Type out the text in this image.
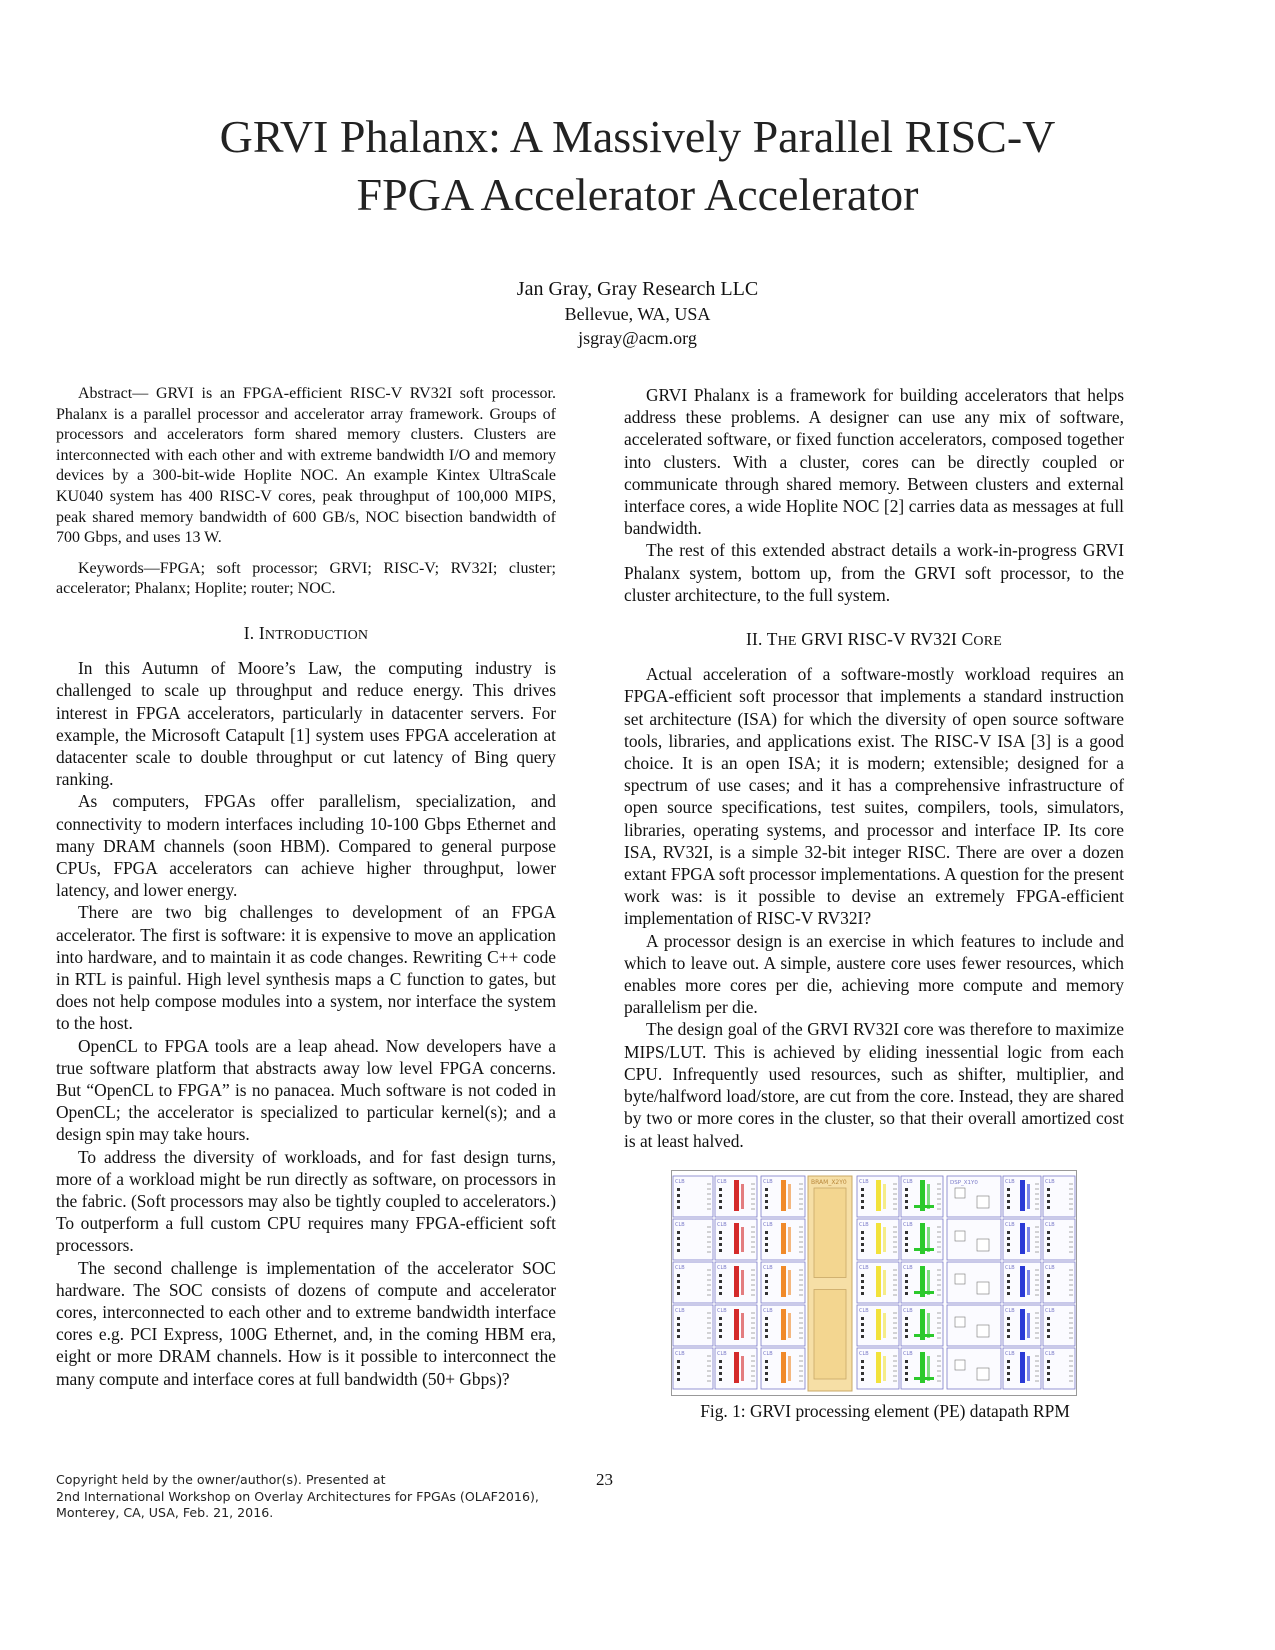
GRVI Phalanx: A Massively Parallel RISC-V
FPGA Accelerator Accelerator
Jan Gray, Gray Research LLC
Bellevue, WA, USA
jsgray@acm.org

Abstract— GRVI is an FPGA-efficient RISC-V RV32I soft processor. Phalanx is a parallel processor and accelerator array framework. Groups of processors and accelerators form shared memory clusters. Clusters are interconnected with each other and with extreme bandwidth I/O and memory devices by a 300-bit-wide Hoplite NOC. An example Kintex UltraScale KU040 system has 400 RISC-V cores, peak throughput of 100,000 MIPS, peak shared memory bandwidth of 600 GB/s, NOC bisection bandwidth of 700 Gbps, and uses 13 W.

Keywords—FPGA; soft processor; GRVI; RISC-V; RV32I; cluster; accelerator; Phalanx; Hoplite; router; NOC.

I. INTRODUCTION

In this Autumn of Moore’s Law, the computing industry is challenged to scale up throughput and reduce energy. This drives interest in FPGA accelerators, particularly in datacenter servers. For example, the Microsoft Catapult [1] system uses FPGA acceleration at datacenter scale to double throughput or cut latency of Bing query ranking.

As computers, FPGAs offer parallelism, specialization, and connectivity to modern interfaces including 10-100 Gbps Ethernet and many DRAM channels (soon HBM). Compared to general purpose CPUs, FPGA accelerators can achieve higher throughput, lower latency, and lower energy.

There are two big challenges to development of an FPGA accelerator. The first is software: it is expensive to move an application into hardware, and to maintain it as code changes. Rewriting C++ code in RTL is painful. High level synthesis maps a C function to gates, but does not help compose modules into a system, nor interface the system to the host.

OpenCL to FPGA tools are a leap ahead. Now developers have a true software platform that abstracts away low level FPGA concerns. But “OpenCL to FPGA” is no panacea. Much software is not coded in OpenCL; the accelerator is specialized to particular kernel(s); and a design spin may take hours.

To address the diversity of workloads, and for fast design turns, more of a workload might be run directly as software, on processors in the fabric. (Soft processors may also be tightly coupled to accelerators.) To outperform a full custom CPU requires many FPGA-efficient soft processors.

The second challenge is implementation of the accelerator SOC hardware. The SOC consists of dozens of compute and accelerator cores, interconnected to each other and to extreme bandwidth interface cores e.g. PCI Express, 100G Ethernet, and, in the coming HBM era, eight or more DRAM channels. How is it possible to interconnect the many compute and interface cores at full bandwidth (50+ Gbps)?

GRVI Phalanx is a framework for building accelerators that helps address these problems. A designer can use any mix of software, accelerated software, or fixed function accelerators, composed together into clusters. With a cluster, cores can be directly coupled or communicate through shared memory. Between clusters and external interface cores, a wide Hoplite NOC [2] carries data as messages at full bandwidth.

The rest of this extended abstract details a work-in-progress GRVI Phalanx system, bottom up, from the GRVI soft processor, to the cluster architecture, to the full system.

II. THE GRVI RISC-V RV32I CORE

Actual acceleration of a software-mostly workload requires an FPGA-efficient soft processor that implements a standard instruction set architecture (ISA) for which the diversity of open source software tools, libraries, and applications exist. The RISC-V ISA [3] is a good choice. It is an open ISA; it is modern; extensible; designed for a spectrum of use cases; and it has a comprehensive infrastructure of open source specifications, test suites, compilers, tools, simulators, libraries, operating systems, and processor and interface IP. Its core ISA, RV32I, is a simple 32-bit integer RISC. There are over a dozen extant FPGA soft processor implementations. A question for the present work was: is it possible to devise an extremely FPGA-efficient implementation of RISC-V RV32I?

A processor design is an exercise in which features to include and which to leave out. A simple, austere core uses fewer resources, which enables more cores per die, achieving more compute and memory parallelism per die.

The design goal of the GRVI RV32I core was therefore to maximize MIPS/LUT. This is achieved by eliding inessential logic from each CPU. Infrequently used resources, such as shifter, multiplier, and byte/halfword load/store, are cut from the core. Instead, they are shared by two or more cores in the cluster, so that their overall amortized cost is at least halved.

CLB
CLB
CLB
CLB
CLB
CLB
CLB
CLB
CLB
CLB
CLB
CLB
CLB
CLB
CLB
BRAM_X2Y0 CLB
CLB
CLB
CLB
CLB
CLB
CLB
CLB
CLB
CLB
DSP_X1Y0	CLB
CLB
CLB
CLB
CLB
CLB
CLB
CLB
CLB
CLB

Fig. 1: GRVI processing element (PE) datapath RPM

23
Copyright held by the owner/author(s). Presented at
2nd International Workshop on Overlay Architectures for FPGAs (OLAF2016),
Monterey, CA, USA, Feb. 21, 2016.
